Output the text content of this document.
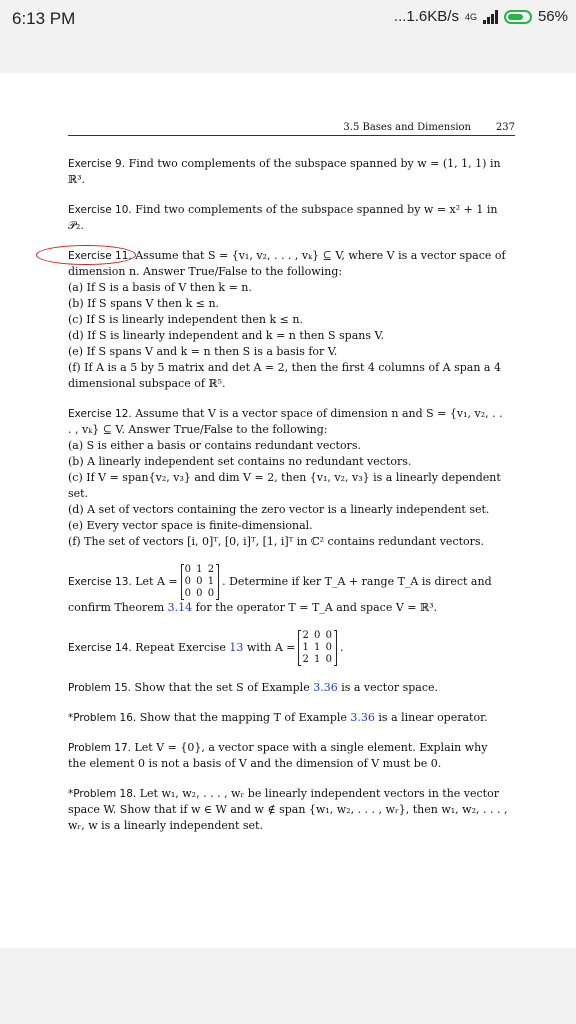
6:13 PM	...1.6KB/s 4G	56%
3.5 Bases and Dimension 237
Exercise 9. Find two complements of the subspace spanned by w = (1, 1, 1) in ℝ³.
Exercise 10. Find two complements of the subspace spanned by w = x² + 1 in 𝒫₂.
Exercise 11. Assume that S = {v₁, v₂, . . . , vₖ} ⊆ V, where V is a vector space of dimension n. Answer True/False to the following:
(a) If S is a basis of V then k = n.
(b) If S spans V then k ≤ n.
(c) If S is linearly independent then k ≤ n.
(d) If S is linearly independent and k = n then S spans V.
(e) If S spans V and k = n then S is a basis for V.
(f) If A is a 5 by 5 matrix and det A = 2, then the first 4 columns of A span a 4 dimensional subspace of ℝ⁵.
Exercise 12. Assume that V is a vector space of dimension n and S = {v₁, v₂, . . . , vₖ} ⊆ V. Answer True/False to the following:
(a) S is either a basis or contains redundant vectors.
(b) A linearly independent set contains no redundant vectors.
(c) If V = span{v₂, v₃} and dim V = 2, then {v₁, v₂, v₃} is a linearly dependent set.
(d) A set of vectors containing the zero vector is a linearly independent set.
(e) Every vector space is finite-dimensional.
(f) The set of vectors [i, 0]ᵀ, [0, i]ᵀ, [1, i]ᵀ in ℂ² contains redundant vectors.
Exercise 13.
Let A =
0 1 2
0 0 1
0 0 0
. Determine if ker T_A + range T_A is direct and
confirm Theorem 3.14 for the operator T = T_A and space V = ℝ³.
Exercise 14.
Repeat Exercise
13
with A =
2 0 0
1 1 0
2 1 0
.
Problem 15. Show that the set S of Example 3.36 is a vector space.
*Problem 16. Show that the mapping T of Example 3.36 is a linear operator.
Problem 17. Let V = {0}, a vector space with a single element. Explain why the element 0 is not a basis of V and the dimension of V must be 0.
*Problem 18. Let w₁, w₂, . . . , wᵣ be linearly independent vectors in the vector space W. Show that if w ∈ W and w ∉ span {w₁, w₂, . . . , wᵣ}, then w₁, w₂, . . . , wᵣ, w is a linearly independent set.
